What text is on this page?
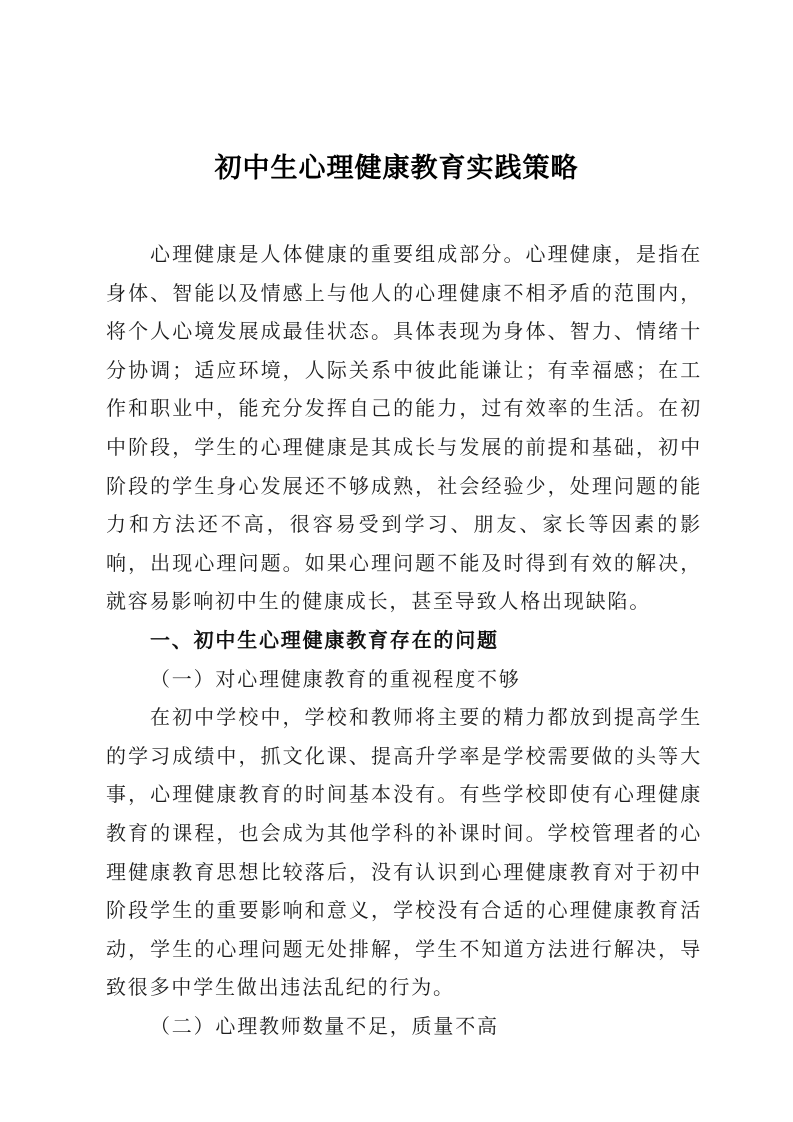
初中生心理健康教育实践策略

心理健康是人体健康的重要组成部分。心理健康，是指在身体、智能以及情感上与他人的心理健康不相矛盾的范围内，将个人心境发展成最佳状态。具体表现为身体、智力、情绪十分协调；适应环境，人际关系中彼此能谦让；有幸福感；在工作和职业中，能充分发挥自己的能力，过有效率的生活。在初中阶段，学生的心理健康是其成长与发展的前提和基础，初中阶段的学生身心发展还不够成熟，社会经验少，处理问题的能力和方法还不高，很容易受到学习、朋友、家长等因素的影响，出现心理问题。如果心理问题不能及时得到有效的解决，就容易影响初中生的健康成长，甚至导致人格出现缺陷。

一、初中生心理健康教育存在的问题

（一）对心理健康教育的重视程度不够

在初中学校中，学校和教师将主要的精力都放到提高学生的学习成绩中，抓文化课、提高升学率是学校需要做的头等大事，心理健康教育的时间基本没有。有些学校即使有心理健康教育的课程，也会成为其他学科的补课时间。学校管理者的心理健康教育思想比较落后，没有认识到心理健康教育对于初中阶段学生的重要影响和意义，学校没有合适的心理健康教育活动，学生的心理问题无处排解，学生不知道方法进行解决，导致很多中学生做出违法乱纪的行为。

（二）心理教师数量不足，质量不高
